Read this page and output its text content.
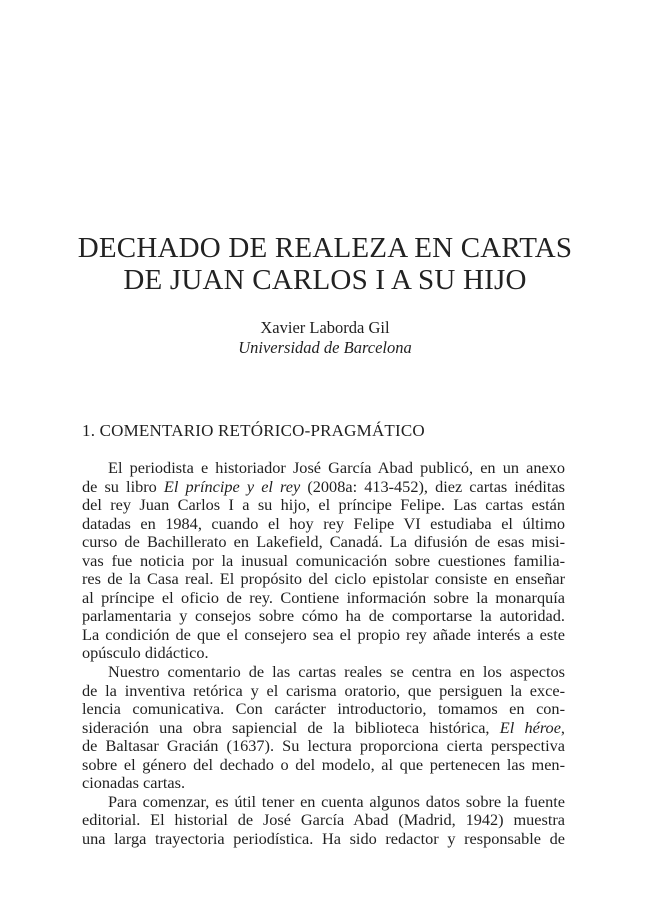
DECHADO DE REALEZA EN CARTAS
DE JUAN CARLOS I A SU HIJO
Xavier Laborda Gil
Universidad de Barcelona
1. COMENTARIO RETÓRICO-PRAGMÁTICO
El periodista e historiador José García Abad publicó, en un anexo
de su libro El príncipe y el rey (2008a: 413-452), diez cartas inéditas
del rey Juan Carlos I a su hijo, el príncipe Felipe. Las cartas están
datadas en 1984, cuando el hoy rey Felipe VI estudiaba el último
curso de Bachillerato en Lakefield, Canadá. La difusión de esas misi-
vas fue noticia por la inusual comunicación sobre cuestiones familia-
res de la Casa real. El propósito del ciclo epistolar consiste en enseñar
al príncipe el oficio de rey. Contiene información sobre la monarquía
parlamentaria y consejos sobre cómo ha de comportarse la autoridad.
La condición de que el consejero sea el propio rey añade interés a este
opúsculo didáctico.
Nuestro comentario de las cartas reales se centra en los aspectos
de la inventiva retórica y el carisma oratorio, que persiguen la exce-
lencia comunicativa. Con carácter introductorio, tomamos en con-
sideración una obra sapiencial de la biblioteca histórica, El héroe,
de Baltasar Gracián (1637). Su lectura proporciona cierta perspectiva
sobre el género del dechado o del modelo, al que pertenecen las men-
cionadas cartas.
Para comenzar, es útil tener en cuenta algunos datos sobre la fuente
editorial. El historial de José García Abad (Madrid, 1942) muestra
una larga trayectoria periodística. Ha sido redactor y responsable de
